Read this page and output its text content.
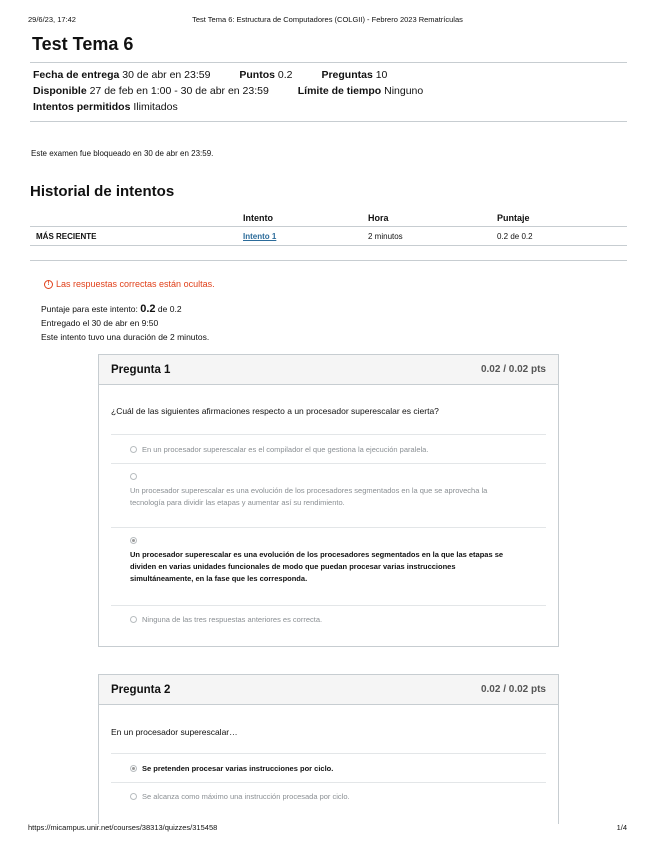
29/6/23, 17:42	Test Tema 6: Estructura de Computadores (COLGII) - Febrero 2023 Rematrículas
Test Tema 6
Fecha de entrega 30 de abr en 23:59	Puntos 0.2	Preguntas 10
Disponible 27 de feb en 1:00 - 30 de abr en 23:59	Límite de tiempo Ninguno
Intentos permitidos Ilimitados

Este examen fue bloqueado en 30 de abr en 23:59.

Historial de intentos
Intento	Hora	Puntaje
MÁS RECIENTE	Intento 1	2 minutos	0.2 de 0.2
! Las respuestas correctas están ocultas.
Puntaje para este intento: 0.2 de 0.2
Entregado el 30 de abr en 9:50
Este intento tuvo una duración de 2 minutos.
Pregunta 1	0.02 / 0.02 pts
¿Cuál de las siguientes afirmaciones respecto a un procesador superescalar es cierta?
En un procesador superescalar es el compilador el que gestiona la ejecución paralela.
Un procesador superescalar es una evolución de los procesadores segmentados en la que se aprovecha la tecnología para dividir las etapas y aumentar así su rendimiento.
Un procesador superescalar es una evolución de los procesadores segmentados en la que las etapas se dividen en varias unidades funcionales de modo que puedan procesar varias instrucciones simultáneamente, en la fase que les corresponda.
Ninguna de las tres respuestas anteriores es correcta.
Pregunta 2	0.02 / 0.02 pts
En un procesador superescalar…
Se pretenden procesar varias instrucciones por ciclo.
Se alcanza como máximo una instrucción procesada por ciclo.
https://micampus.unir.net/courses/38313/quizzes/315458	1/4
